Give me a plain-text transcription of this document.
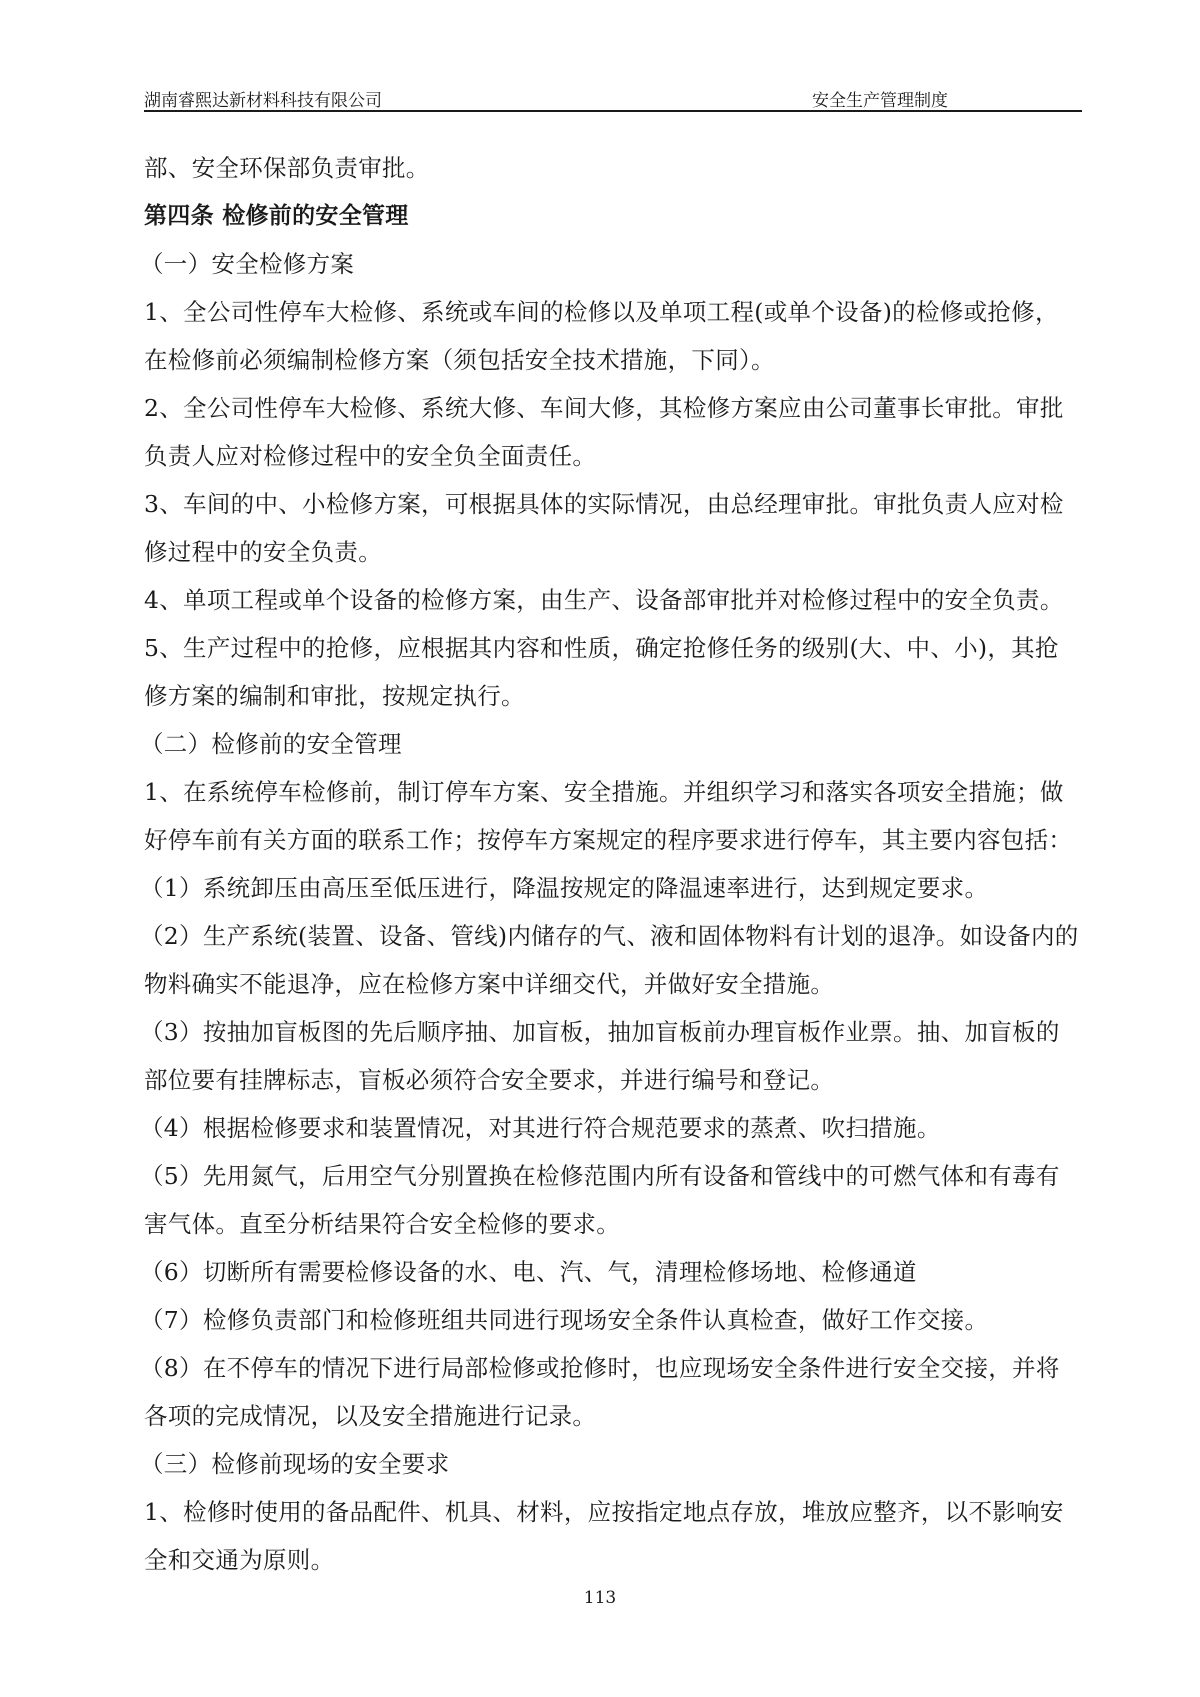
湖南睿熙达新材料科技有限公司	安全生产管理制度

部、安全环保部负责审批。

第四条 检修前的安全管理

（一）安全检修方案

1、全公司性停车大检修、系统或车间的检修以及单项工程(或单个设备)的检修或抢修，在检修前必须编制检修方案（须包括安全技术措施，下同）。

2、全公司性停车大检修、系统大修、车间大修，其检修方案应由公司董事长审批。审批负责人应对检修过程中的安全负全面责任。

3、车间的中、小检修方案，可根据具体的实际情况，由总经理审批。审批负责人应对检修过程中的安全负责。

4、单项工程或单个设备的检修方案，由生产、设备部审批并对检修过程中的安全负责。

5、生产过程中的抢修，应根据其内容和性质，确定抢修任务的级别(大、中、小)，其抢修方案的编制和审批，按规定执行。

（二）检修前的安全管理

1、在系统停车检修前，制订停车方案、安全措施。并组织学习和落实各项安全措施；做好停车前有关方面的联系工作；按停车方案规定的程序要求进行停车，其主要内容包括：

（1）系统卸压由高压至低压进行，降温按规定的降温速率进行，达到规定要求。

（2）生产系统(装置、设备、管线)内储存的气、液和固体物料有计划的退净。如设备内的物料确实不能退净，应在检修方案中详细交代，并做好安全措施。

（3）按抽加盲板图的先后顺序抽、加盲板，抽加盲板前办理盲板作业票。抽、加盲板的部位要有挂牌标志，盲板必须符合安全要求，并进行编号和登记。

（4）根据检修要求和装置情况，对其进行符合规范要求的蒸煮、吹扫措施。

（5）先用氮气，后用空气分别置换在检修范围内所有设备和管线中的可燃气体和有毒有害气体。直至分析结果符合安全检修的要求。

（6）切断所有需要检修设备的水、电、汽、气，清理检修场地、检修通道

（7）检修负责部门和检修班组共同进行现场安全条件认真检查，做好工作交接。

（8）在不停车的情况下进行局部检修或抢修时，也应现场安全条件进行安全交接，并将各项的完成情况，以及安全措施进行记录。

（三）检修前现场的安全要求

1、检修时使用的备品配件、机具、材料，应按指定地点存放，堆放应整齐，以不影响安全和交通为原则。

113
